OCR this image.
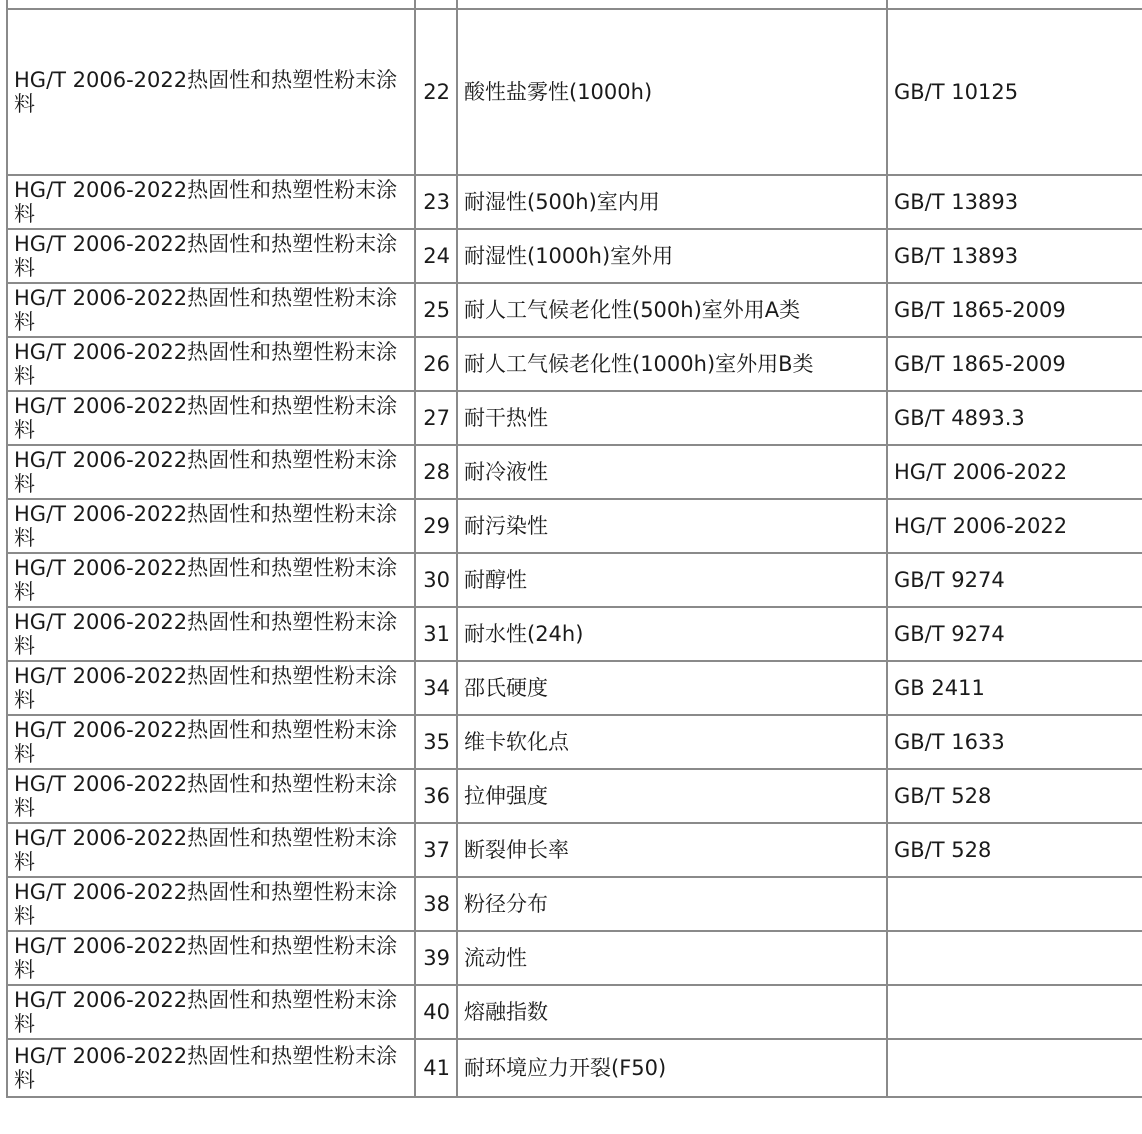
HG/T 2006-2022热固性和热塑性粉末涂料	22	酸性盐雾性(1000h)	GB/T 10125
HG/T 2006-2022热固性和热塑性粉末涂料	23	耐湿性(500h)室内用	GB/T 13893
HG/T 2006-2022热固性和热塑性粉末涂料	24	耐湿性(1000h)室外用	GB/T 13893
HG/T 2006-2022热固性和热塑性粉末涂料	25	耐人工气候老化性(500h)室外用A类	GB/T 1865-2009
HG/T 2006-2022热固性和热塑性粉末涂料	26	耐人工气候老化性(1000h)室外用B类	GB/T 1865-2009
HG/T 2006-2022热固性和热塑性粉末涂料	27	耐干热性	GB/T 4893.3
HG/T 2006-2022热固性和热塑性粉末涂料	28	耐冷液性	HG/T 2006-2022
HG/T 2006-2022热固性和热塑性粉末涂料	29	耐污染性	HG/T 2006-2022
HG/T 2006-2022热固性和热塑性粉末涂料	30	耐醇性	GB/T 9274
HG/T 2006-2022热固性和热塑性粉末涂料	31	耐水性(24h)	GB/T 9274
HG/T 2006-2022热固性和热塑性粉末涂料	34	邵氏硬度	GB 2411
HG/T 2006-2022热固性和热塑性粉末涂料	35	维卡软化点	GB/T 1633
HG/T 2006-2022热固性和热塑性粉末涂料	36	拉伸强度	GB/T 528
HG/T 2006-2022热固性和热塑性粉末涂料	37	断裂伸长率	GB/T 528
HG/T 2006-2022热固性和热塑性粉末涂料	38	粉径分布	
HG/T 2006-2022热固性和热塑性粉末涂料	39	流动性	
HG/T 2006-2022热固性和热塑性粉末涂料	40	熔融指数	
HG/T 2006-2022热固性和热塑性粉末涂料	41	耐环境应力开裂(F50)	
